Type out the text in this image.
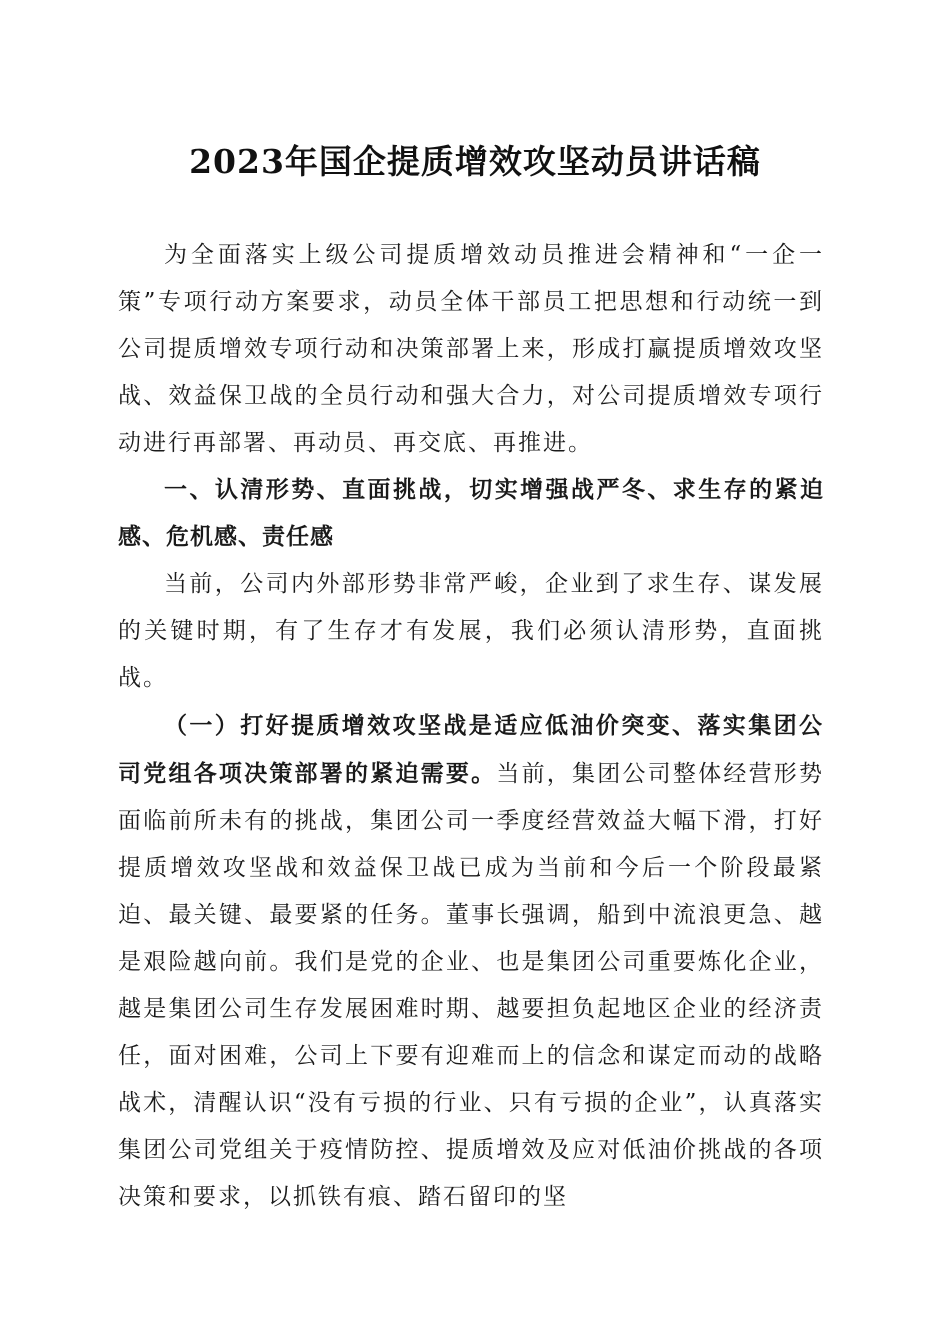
2023年国企提质增效攻坚动员讲话稿

为全面落实上级公司提质增效动员推进会精神和“一企一策”专项行动方案要求，动员全体干部员工把思想和行动统一到公司提质增效专项行动和决策部署上来，形成打赢提质增效攻坚战、效益保卫战的全员行动和强大合力，对公司提质增效专项行动进行再部署、再动员、再交底、再推进。

一、认清形势、直面挑战，切实增强战严冬、求生存的紧迫感、危机感、责任感

当前，公司内外部形势非常严峻，企业到了求生存、谋发展的关键时期，有了生存才有发展，我们必须认清形势，直面挑战。

（一）打好提质增效攻坚战是适应低油价突变、落实集团公司党组各项决策部署的紧迫需要。当前，集团公司整体经营形势面临前所未有的挑战，集团公司一季度经营效益大幅下滑，打好提质增效攻坚战和效益保卫战已成为当前和今后一个阶段最紧迫、最关键、最要紧的任务。董事长强调，船到中流浪更急、越是艰险越向前。我们是党的企业、也是集团公司重要炼化企业，越是集团公司生存发展困难时期、越要担负起地区企业的经济责任，面对困难，公司上下要有迎难而上的信念和谋定而动的战略战术，清醒认识“没有亏损的行业、只有亏损的企业”，认真落实集团公司党组关于疫情防控、提质增效及应对低油价挑战的各项决策和要求，以抓铁有痕、踏石留印的坚
